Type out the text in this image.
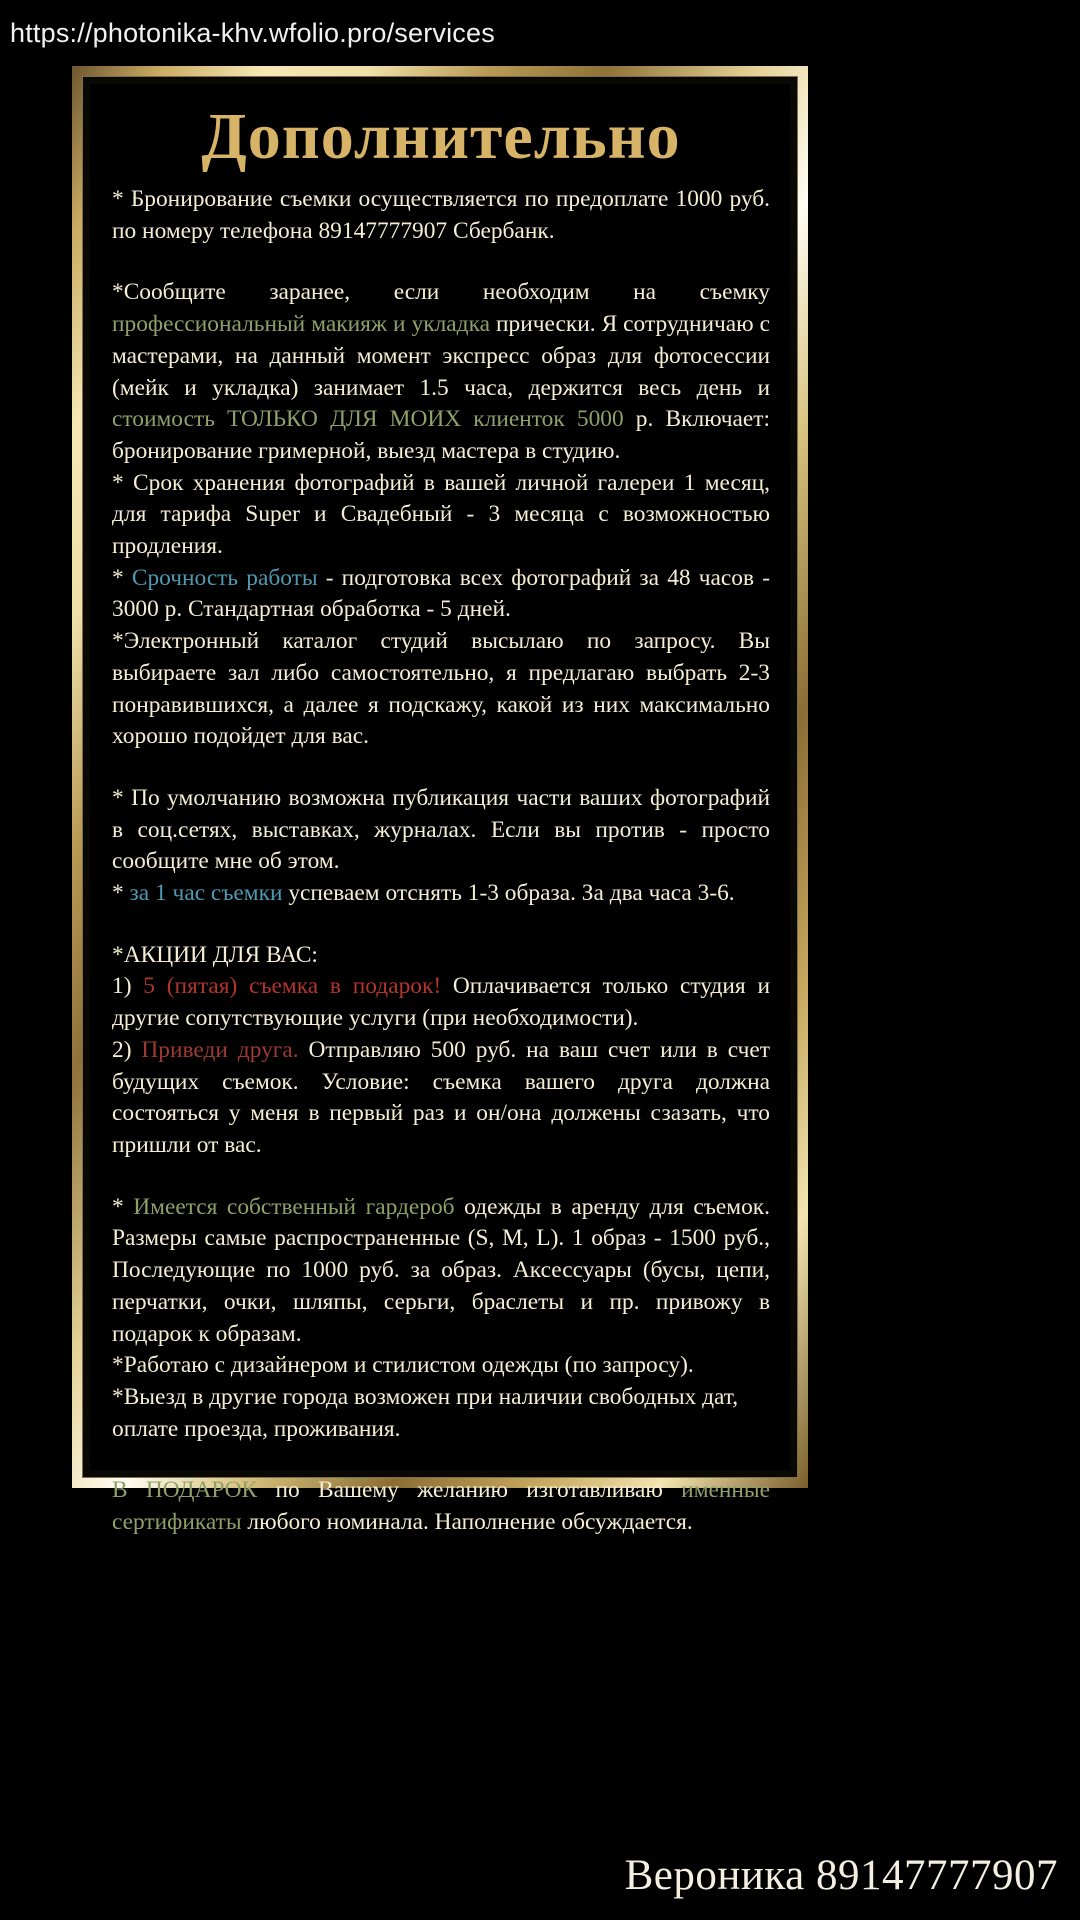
https://photonika-khv.wfolio.pro/services
Дополнительно

* Бронирование съемки осуществляется по предоплате 1000 руб. по номеру телефона 89147777907 Сбербанк.

*Сообщите заранее, если необходим на съемку профессиональный макияж и укладка прически. Я сотрудничаю с мастерами, на данный момент экспресс образ для фотосессии (мейк и укладка) занимает 1.5 часа, держится весь день и стоимость ТОЛЬКО ДЛЯ МОИХ клиенток 5000 р. Включает: бронирование гримерной, выезд мастера в студию.

* Срок хранения фотографий в вашей личной галереи 1 месяц, для тарифа Super и Свадебный - 3 месяца с возможностью продления.

* Срочность работы - подготовка всех фотографий за 48 часов - 3000 р. Стандартная обработка - 5 дней.

*Электронный каталог студий высылаю по запросу. Вы выбираете зал либо самостоятельно, я предлагаю выбрать 2-3 понравившихся, а далее я подскажу, какой из них максимально хорошо подойдет для вас.

* По умолчанию возможна публикация части ваших фотографий в соц.сетях, выставках, журналах. Если вы против - просто сообщите мне об этом.

* за 1 час съемки успеваем отснять 1-3 образа. За два часа 3-6.

*АКЦИИ ДЛЯ ВАС:

1) 5 (пятая) съемка в подарок! Оплачивается только студия и другие сопутствующие услуги (при необходимости).

2) Приведи друга. Отправляю 500 руб. на ваш счет или в счет будущих съемок. Условие: съемка вашего друга должна состояться у меня в первый раз и он/она должены сзазать, что пришли от вас.

* Имеется собственный гардероб одежды в аренду для съемок. Размеры самые распространенные (S, M, L). 1 образ - 1500 руб., Последующие по 1000 руб. за образ. Аксессуары (бусы, цепи, перчатки, очки, шляпы, серьги, браслеты и пр. привожу в подарок к образам.

*Работаю с дизайнером и стилистом одежды (по запросу).

*Выезд в другие города возможен при наличии свободных дат, оплате проезда, проживания.

В ПОДАРОК по Вашему желанию изготавливаю именные сертификаты любого номинала. Наполнение обсуждается.

Вероника 89147777907
